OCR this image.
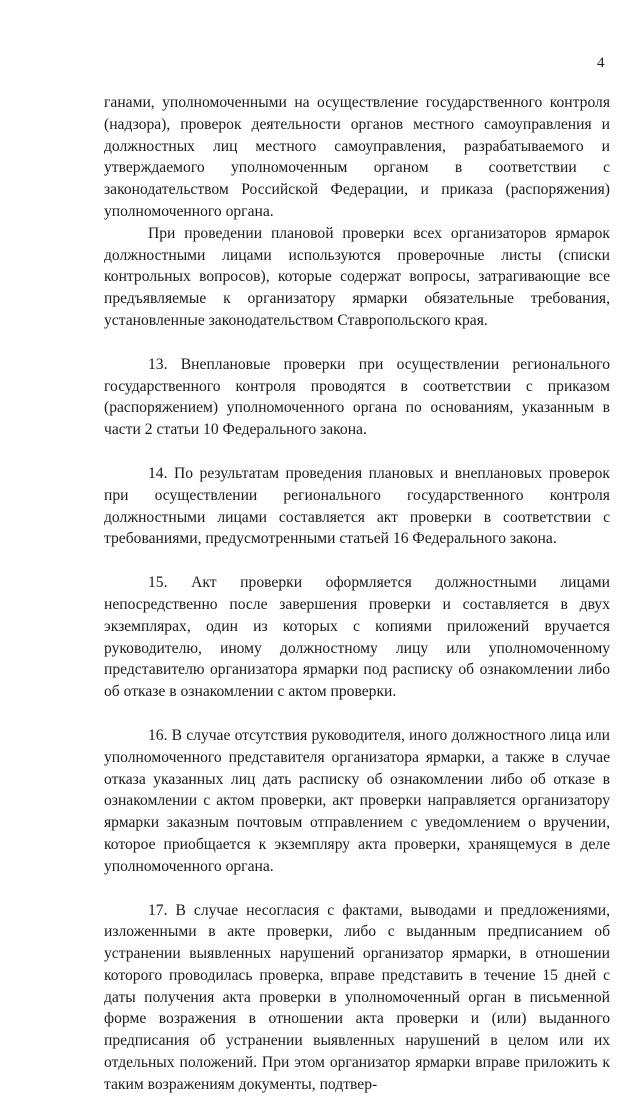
4

ганами, уполномоченными на осуществление государственного контроля (надзора), проверок деятельности органов местного самоуправления и должностных лиц местного самоуправления, разрабатываемого и утверждаемого уполномоченным органом в соответствии с законодательством Российской Федерации, и приказа (распоряжения) уполномоченного органа.

При проведении плановой проверки всех организаторов ярмарок должностными лицами используются проверочные листы (списки контрольных вопросов), которые содержат вопросы, затрагивающие все предъявляемые к организатору ярмарки обязательные требования, установленные законодательством Ставропольского края.

13. Внеплановые проверки при осуществлении регионального государственного контроля проводятся в соответствии с приказом (распоряжением) уполномоченного органа по основаниям, указанным в части 2 статьи 10 Федерального закона.

14. По результатам проведения плановых и внеплановых проверок при осуществлении регионального государственного контроля должностными лицами составляется акт проверки в соответствии с требованиями, предусмотренными статьей 16 Федерального закона.

15. Акт проверки оформляется должностными лицами непосредственно после завершения проверки и составляется в двух экземплярах, один из которых с копиями приложений вручается руководителю, иному должностному лицу или уполномоченному представителю организатора ярмарки под расписку об ознакомлении либо об отказе в ознакомлении с актом проверки.

16. В случае отсутствия руководителя, иного должностного лица или уполномоченного представителя организатора ярмарки, а также в случае отказа указанных лиц дать расписку об ознакомлении либо об отказе в ознакомлении с актом проверки, акт проверки направляется организатору ярмарки заказным почтовым отправлением с уведомлением о вручении, которое приобщается к экземпляру акта проверки, хранящемуся в деле уполномоченного органа.

17. В случае несогласия с фактами, выводами и предложениями, изложенными в акте проверки, либо с выданным предписанием об устранении выявленных нарушений организатор ярмарки, в отношении которого проводилась проверка, вправе представить в течение 15 дней с даты получения акта проверки в уполномоченный орган в письменной форме возражения в отношении акта проверки и (или) выданного предписания об устранении выявленных нарушений в целом или их отдельных положений. При этом организатор ярмарки вправе приложить к таким возражениям документы, подтвер-
